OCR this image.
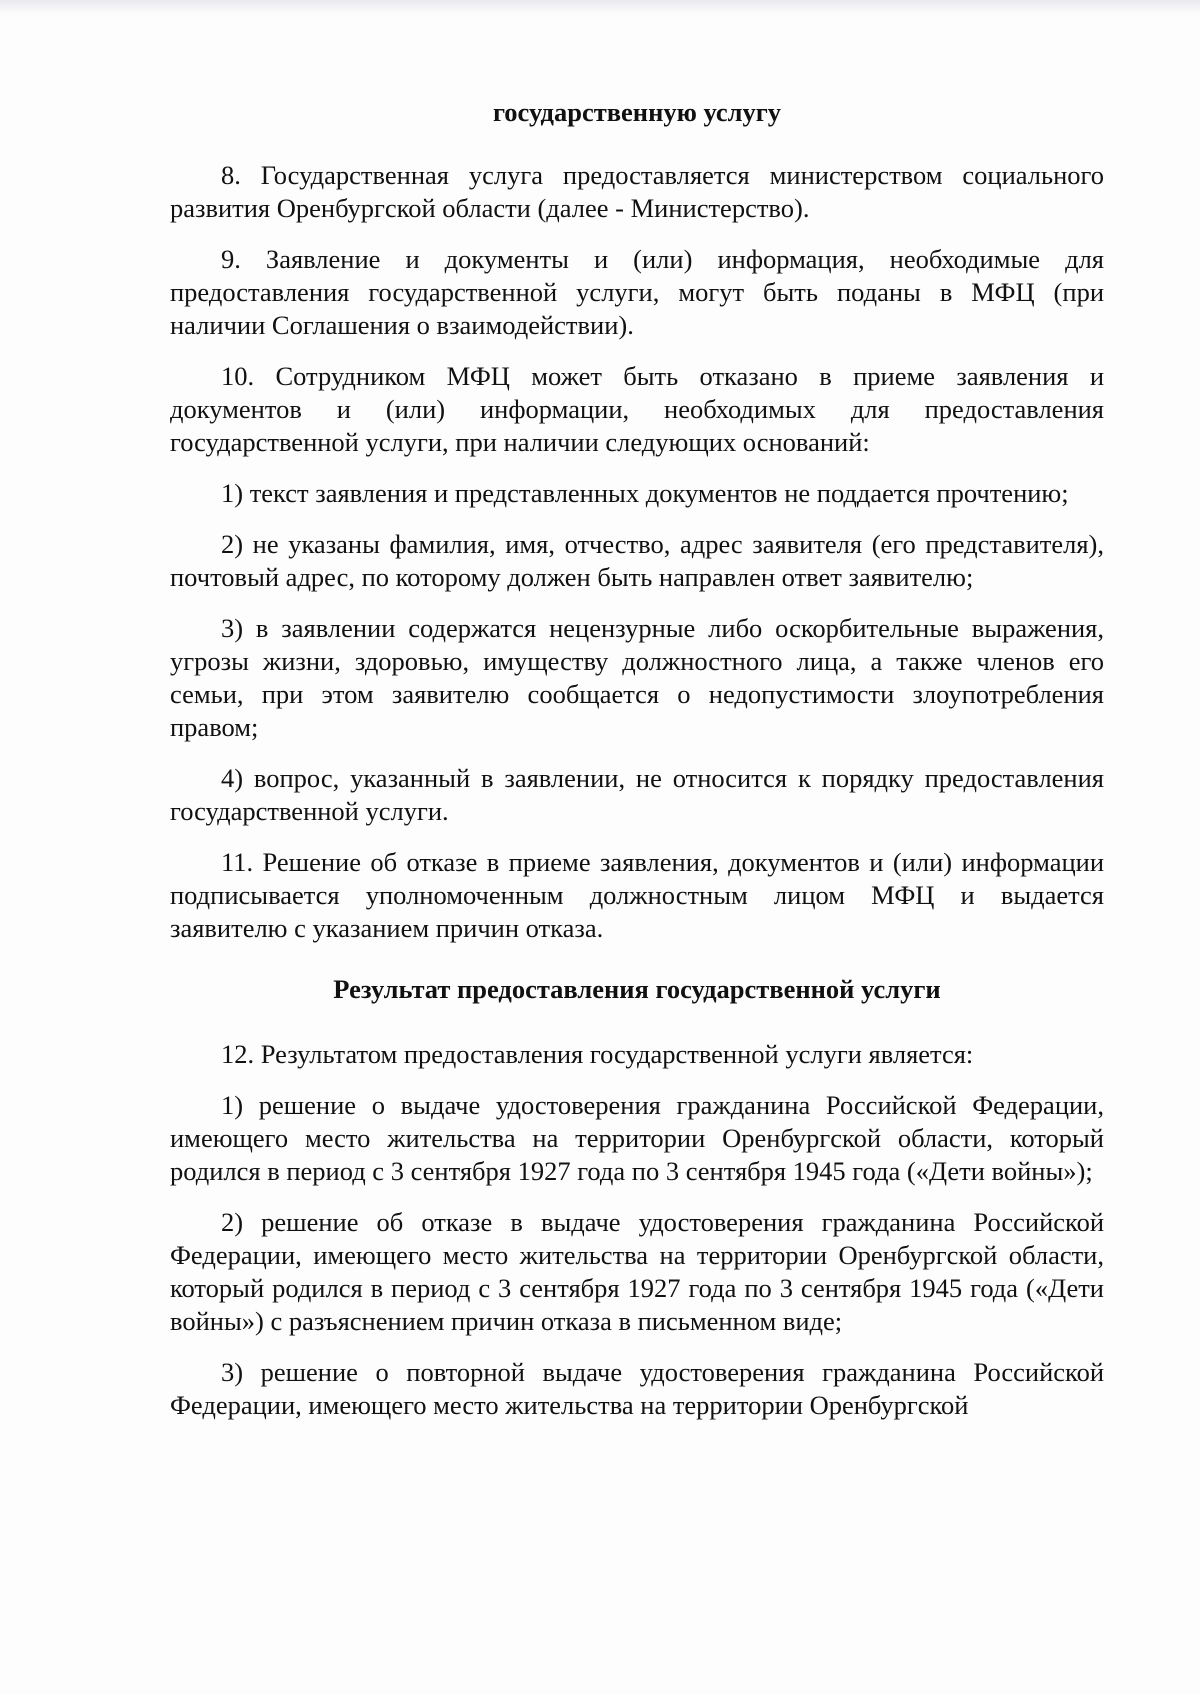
государственную услугу

8. Государственная услуга предоставляется министерством социального развития Оренбургской области (далее - Министерство).

9. Заявление и документы и (или) информация, необходимые для предоставления государственной услуги, могут быть поданы в МФЦ (при наличии Соглашения о взаимодействии).

10. Сотрудником МФЦ может быть отказано в приеме заявления и документов и (или) информации, необходимых для предоставления государственной услуги, при наличии следующих оснований:

1) текст заявления и представленных документов не поддается прочтению;

2) не указаны фамилия, имя, отчество, адрес заявителя (его представителя), почтовый адрес, по которому должен быть направлен ответ заявителю;

3) в заявлении содержатся нецензурные либо оскорбительные выражения, угрозы жизни, здоровью, имуществу должностного лица, а также членов его семьи, при этом заявителю сообщается о недопустимости злоупотребления правом;

4) вопрос, указанный в заявлении, не относится к порядку предоставления государственной услуги.

11. Решение об отказе в приеме заявления, документов и (или) информации подписывается уполномоченным должностным лицом МФЦ и выдается заявителю с указанием причин отказа.

Результат предоставления государственной услуги

12. Результатом предоставления государственной услуги является:

1) решение о выдаче удостоверения гражданина Российской Федерации, имеющего место жительства на территории Оренбургской области, который родился в период с 3 сентября 1927 года по 3 сентября 1945 года («Дети войны»);

2) решение об отказе в выдаче удостоверения гражданина Российской Федерации, имеющего место жительства на территории Оренбургской области, который родился в период с 3 сентября 1927 года по 3 сентября 1945 года («Дети войны») с разъяснением причин отказа в письменном виде;

3) решение о повторной выдаче удостоверения гражданина Российской Федерации, имеющего место жительства на территории Оренбургской
